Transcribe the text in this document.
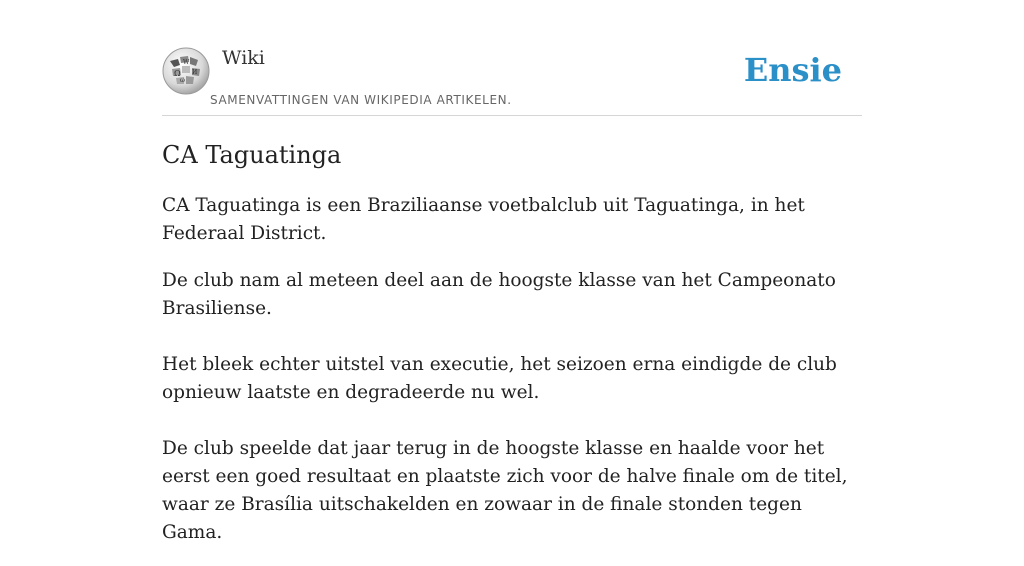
Ω
W
И
ω
Wiki
SAMENVATTINGEN VAN WIKIPEDIA ARTIKELEN.
Ensie
CA Taguatinga

CA Taguatinga is een Braziliaanse voetbalclub uit Taguatinga, in het Federaal District.

De club nam al meteen deel aan de hoogste klasse van het Campeonato Brasiliense.

Het bleek echter uitstel van executie, het seizoen erna eindigde de club opnieuw laatste en degradeerde nu wel.

De club speelde dat jaar terug in de hoogste klasse en haalde voor het eerst een goed resultaat en plaatste zich voor de halve finale om de titel, waar ze Brasília uitschakelden en zowaar in de finale stonden tegen Gama.
